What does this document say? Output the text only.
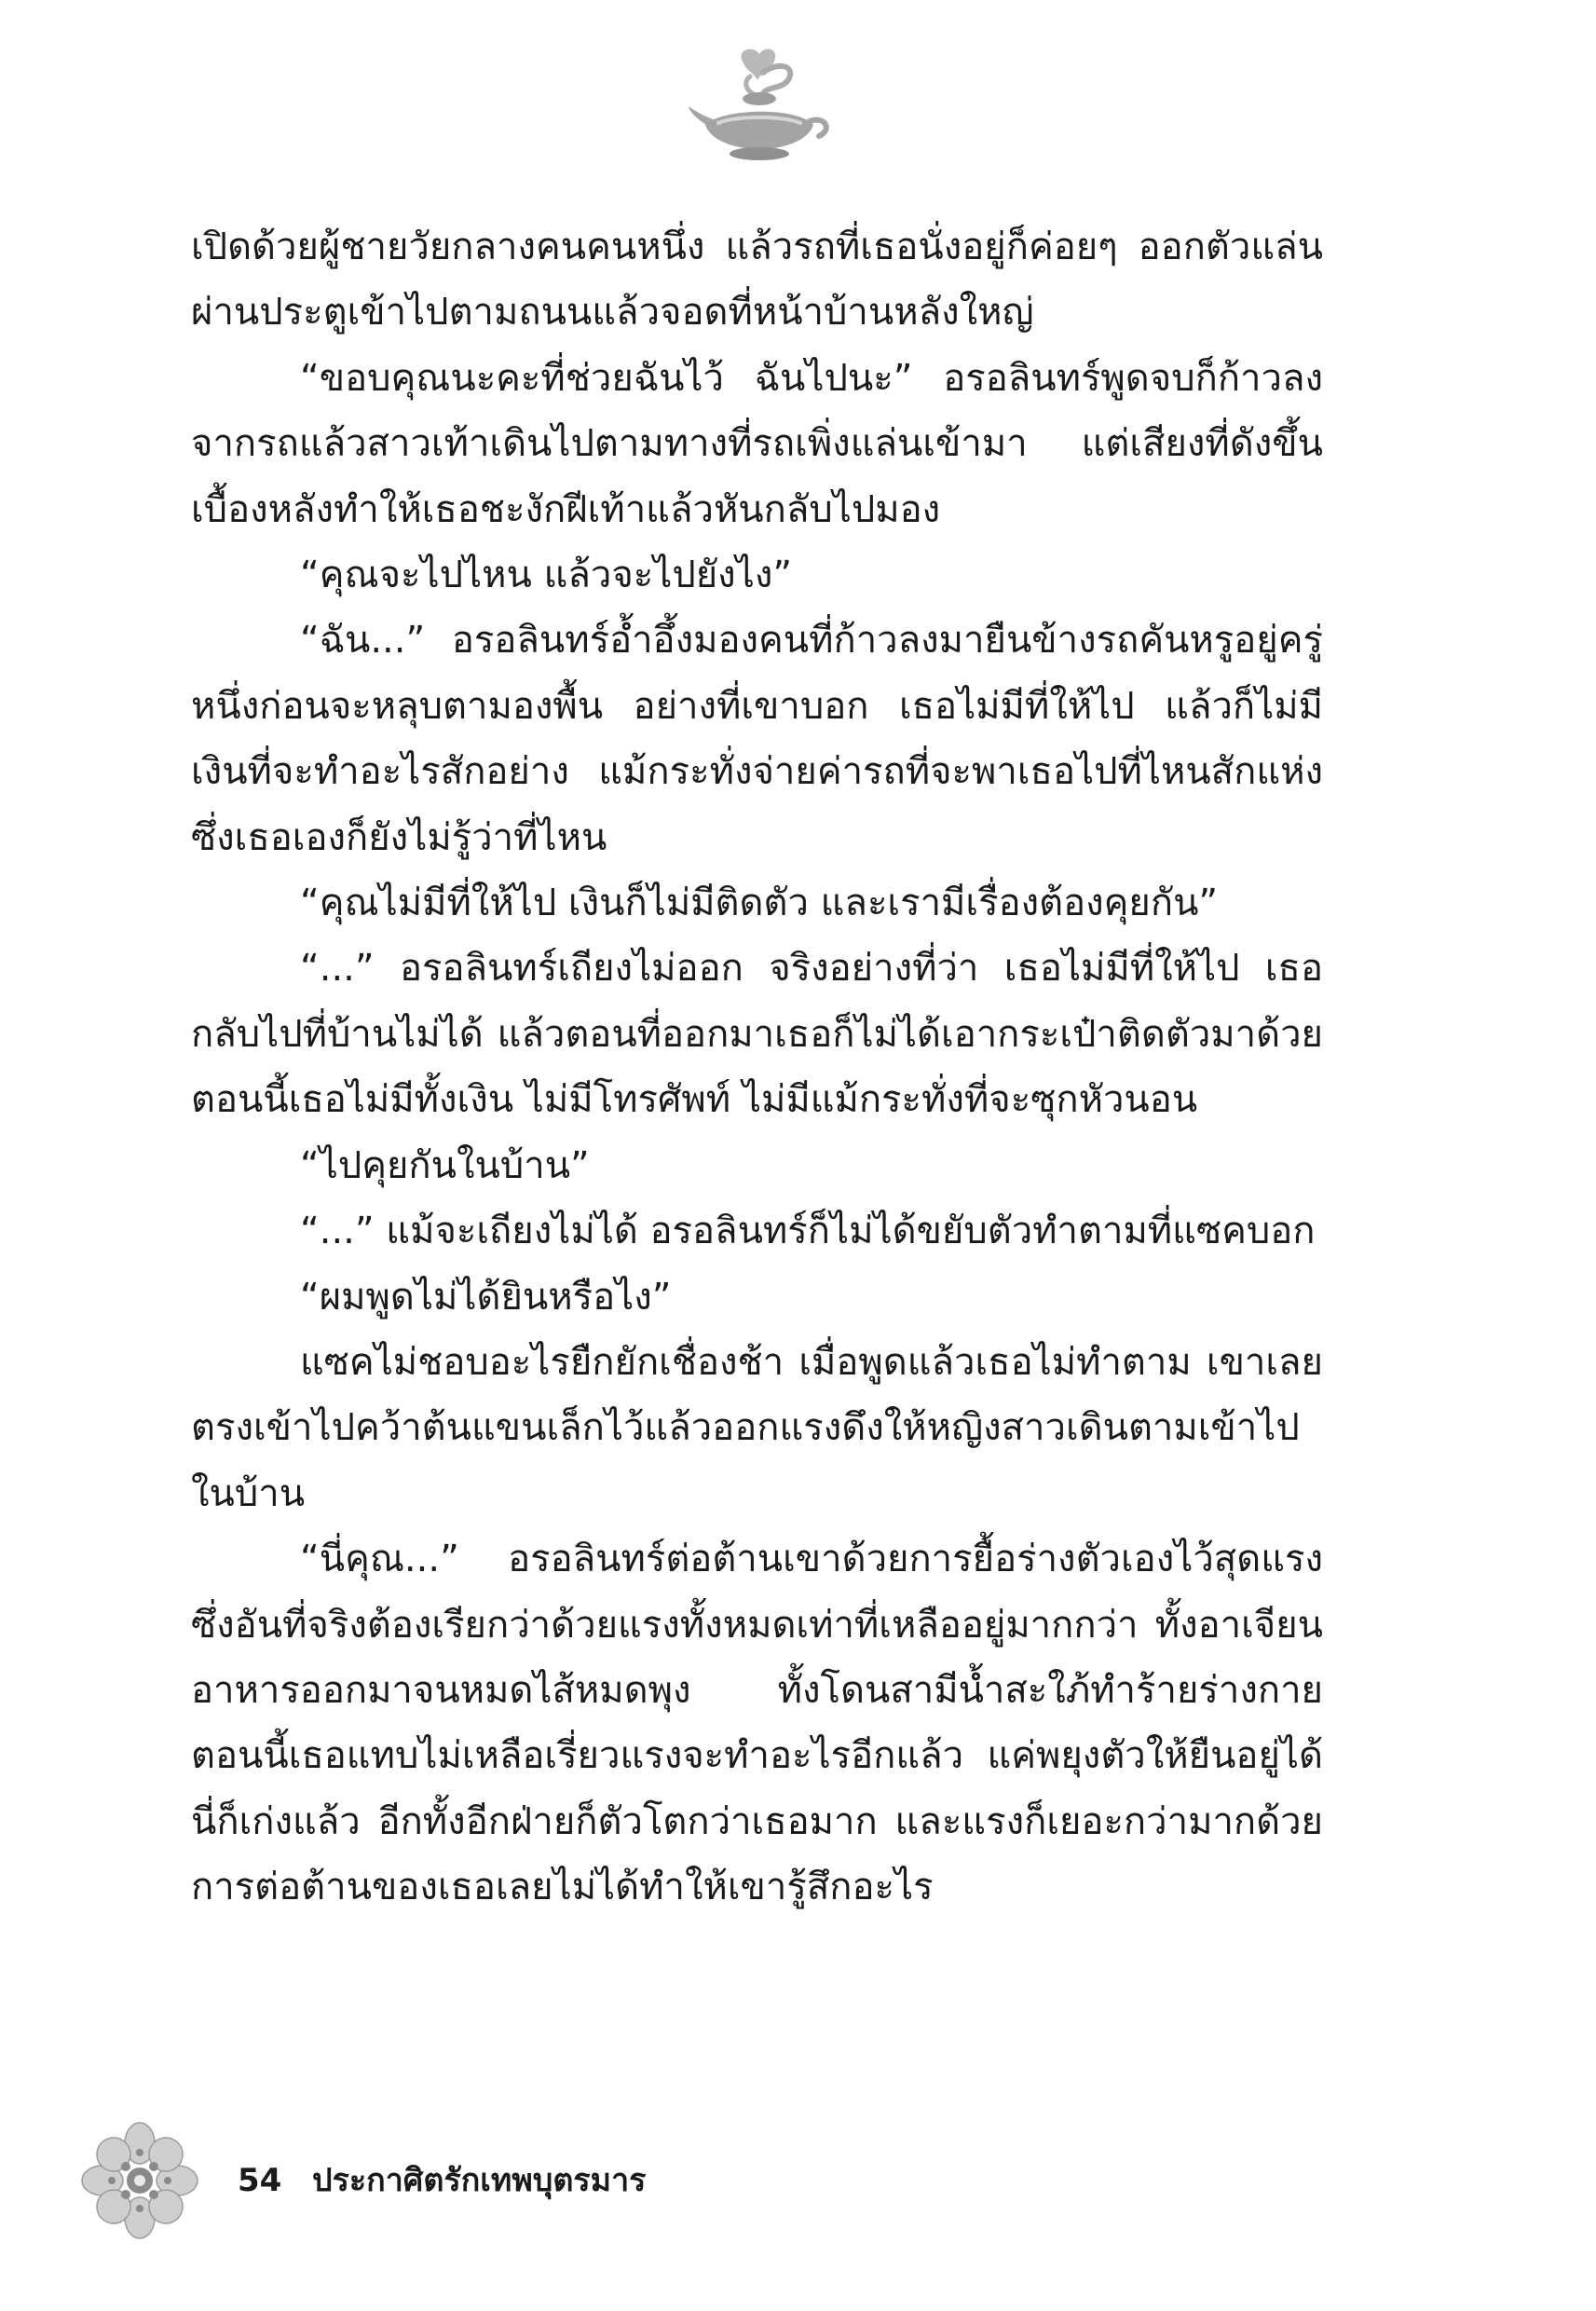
เปิดด้วยผู้ชายวัยกลางคนคนหนึ่ง แล้วรถที่เธอนั่งอยู่ก็ค่อยๆ ออกตัวแล่นผ่านประตูเข้าไปตามถนนแล้วจอดที่หน้าบ้านหลังใหญ่

“ขอบคุณนะคะที่ช่วยฉันไว้ ฉันไปนะ” อรอลินทร์พูดจบก็ก้าวลงจากรถแล้วสาวเท้าเดินไปตามทางที่รถเพิ่งแล่นเข้ามา แต่เสียงที่ดังขึ้นเบื้องหลังทำให้เธอชะงักฝีเท้าแล้วหันกลับไปมอง

“คุณจะไปไหน แล้วจะไปยังไง”

“ฉัน...” อรอลินทร์อ้ำอึ้งมองคนที่ก้าวลงมายืนข้างรถคันหรูอยู่ครู่หนึ่งก่อนจะหลุบตามองพื้น อย่างที่เขาบอก เธอไม่มีที่ให้ไป แล้วก็ไม่มีเงินที่จะทำอะไรสักอย่าง แม้กระทั่งจ่ายค่ารถที่จะพาเธอไปที่ไหนสักแห่งซึ่งเธอเองก็ยังไม่รู้ว่าที่ไหน

“คุณไม่มีที่ให้ไป เงินก็ไม่มีติดตัว และเรามีเรื่องต้องคุยกัน”

“...” อรอลินทร์เถียงไม่ออก จริงอย่างที่ว่า เธอไม่มีที่ให้ไป เธอกลับไปที่บ้านไม่ได้ แล้วตอนที่ออกมาเธอก็ไม่ได้เอากระเป๋าติดตัวมาด้วย ตอนนี้เธอไม่มีทั้งเงิน ไม่มีโทรศัพท์ ไม่มีแม้กระทั่งที่จะซุกหัวนอน

“ไปคุยกันในบ้าน”

“...” แม้จะเถียงไม่ได้ อรอลินทร์ก็ไม่ได้ขยับตัวทำตามที่แซคบอก

“ผมพูดไม่ได้ยินหรือไง”

แซคไม่ชอบอะไรยืกยักเชื่องช้า เมื่อพูดแล้วเธอไม่ทำตาม เขาเลยตรงเข้าไปคว้าต้นแขนเล็กไว้แล้วออกแรงดึงให้หญิงสาวเดินตามเข้าไปในบ้าน

“นี่คุณ...” อรอลินทร์ต่อต้านเขาด้วยการยื้อร่างตัวเองไว้สุดแรงซึ่งอันที่จริงต้องเรียกว่าด้วยแรงทั้งหมดเท่าที่เหลืออยู่มากกว่า ทั้งอาเจียนอาหารออกมาจนหมดไส้หมดพุง ทั้งโดนสามีน้ำสะใภ้ทำร้ายร่างกาย ตอนนี้เธอแทบไม่เหลือเรี่ยวแรงจะทำอะไรอีกแล้ว แค่พยุงตัวให้ยืนอยู่ได้นี่ก็เก่งแล้ว อีกทั้งอีกฝ่ายก็ตัวโตกว่าเธอมาก และแรงก็เยอะกว่ามากด้วย การต่อต้านของเธอเลยไม่ได้ทำให้เขารู้สึกอะไร

54 ประกาศิตรักเทพบุตรมาร
